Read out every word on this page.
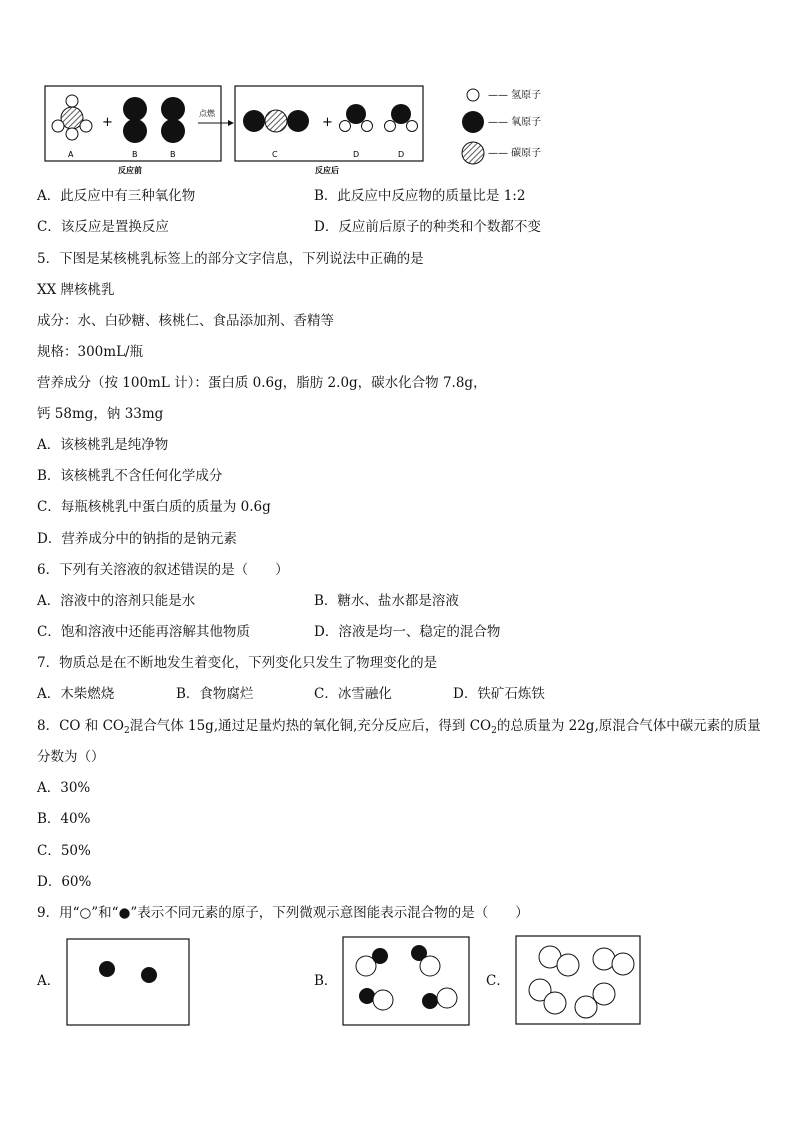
+
A	B	B
反应前
点燃
+
C	D	D
反应后
—— 氢原子
—— 氧原子
—— 碳原子
A．此反应中有三种氧化物	B．此反应中反应物的质量比是 1:2
C．该反应是置换反应	D．反应前后原子的种类和个数都不变
5．下图是某核桃乳标签上的部分文字信息，下列说法中正确的是
XX 牌核桃乳
成分：水、白砂糖、核桃仁、食品添加剂、香精等
规格：300mL/瓶
营养成分（按 100mL 计）：蛋白质 0.6g，脂肪 2.0g，碳水化合物 7.8g，
钙 58mg，钠 33mg
A．该核桃乳是纯净物
B．该核桃乳不含任何化学成分
C．每瓶核桃乳中蛋白质的质量为 0.6g
D．营养成分中的钠指的是钠元素
6．下列有关溶液的叙述错误的是（　　）
A．溶液中的溶剂只能是水	B．糖水、盐水都是溶液
C．饱和溶液中还能再溶解其他物质	D．溶液是均一、稳定的混合物
7．物质总是在不断地发生着变化，下列变化只发生了物理变化的是
A．木柴燃烧	B．食物腐烂	C．冰雪融化	D．铁矿石炼铁
8．CO 和 $CO_2$混合气体 15g,通过足量灼热的氧化铜,充分反应后，得到 $CO_2$的总质量为 22g,原混合气体中碳元素的质量
分数为（）
A．30%
B．40%
C．50%
D．60%
9．用“○”和“●”表示不同元素的原子，下列微观示意图能表示混合物的是（　　）
A．	B．	C．
